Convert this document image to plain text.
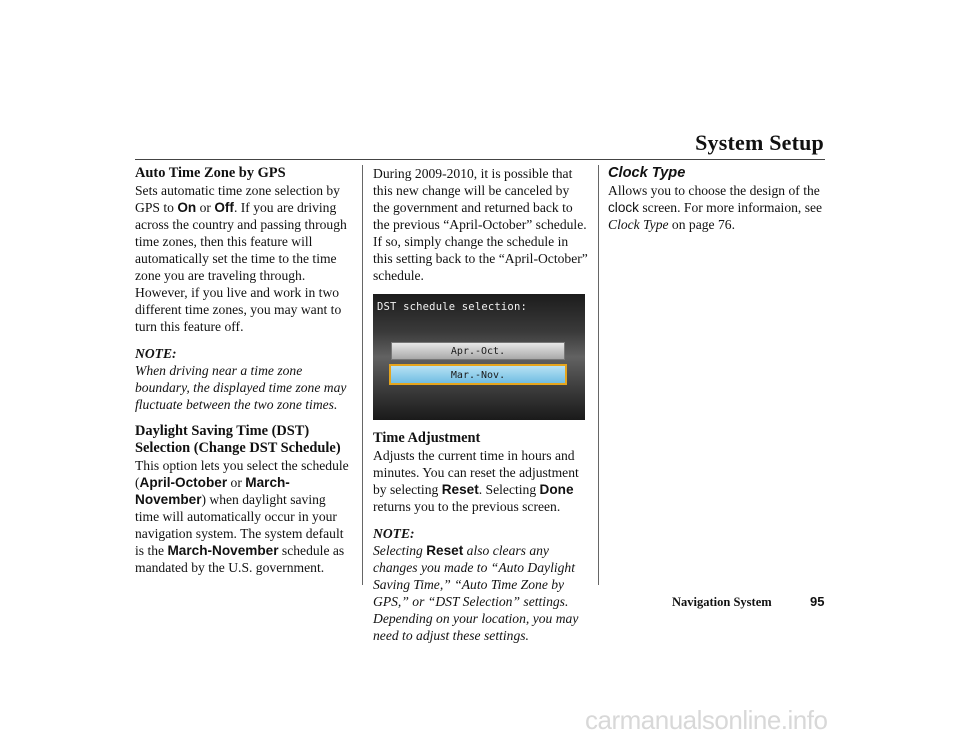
System Setup

Auto Time Zone by GPS

Sets automatic time zone selection by GPS to On or Off. If you are driving across the country and passing through time zones, then this feature will automatically set the time to the time zone you are traveling through. However, if you live and work in two different time zones, you may want to turn this feature off.

NOTE:

When driving near a time zone boundary, the displayed time zone may fluctuate between the two zone times.

Daylight Saving Time (DST)

Selection (Change DST Schedule)

This option lets you select the schedule (April-October or March-November) when daylight saving time will automatically occur in your navigation system. The system default is the March-November schedule as mandated by the U.S. government.

During 2009-2010, it is possible that this new change will be canceled by the government and returned back to the previous “April-October” schedule. If so, simply change the schedule in this setting back to the “April-October” schedule.

DST schedule selection:
Apr.-Oct.
Mar.-Nov.

Time Adjustment

Adjusts the current time in hours and minutes. You can reset the adjustment by selecting Reset. Selecting Done returns you to the previous screen.

NOTE:

Selecting Reset also clears any changes you made to “Auto Daylight Saving Time,” “Auto Time Zone by GPS,” or “DST Selection” settings. Depending on your location, you may need to adjust these settings.

Clock Type

Allows you to choose the design of the clock screen. For more informaion, see Clock Type on page 76.

Navigation System	95
carmanualsonline.info
